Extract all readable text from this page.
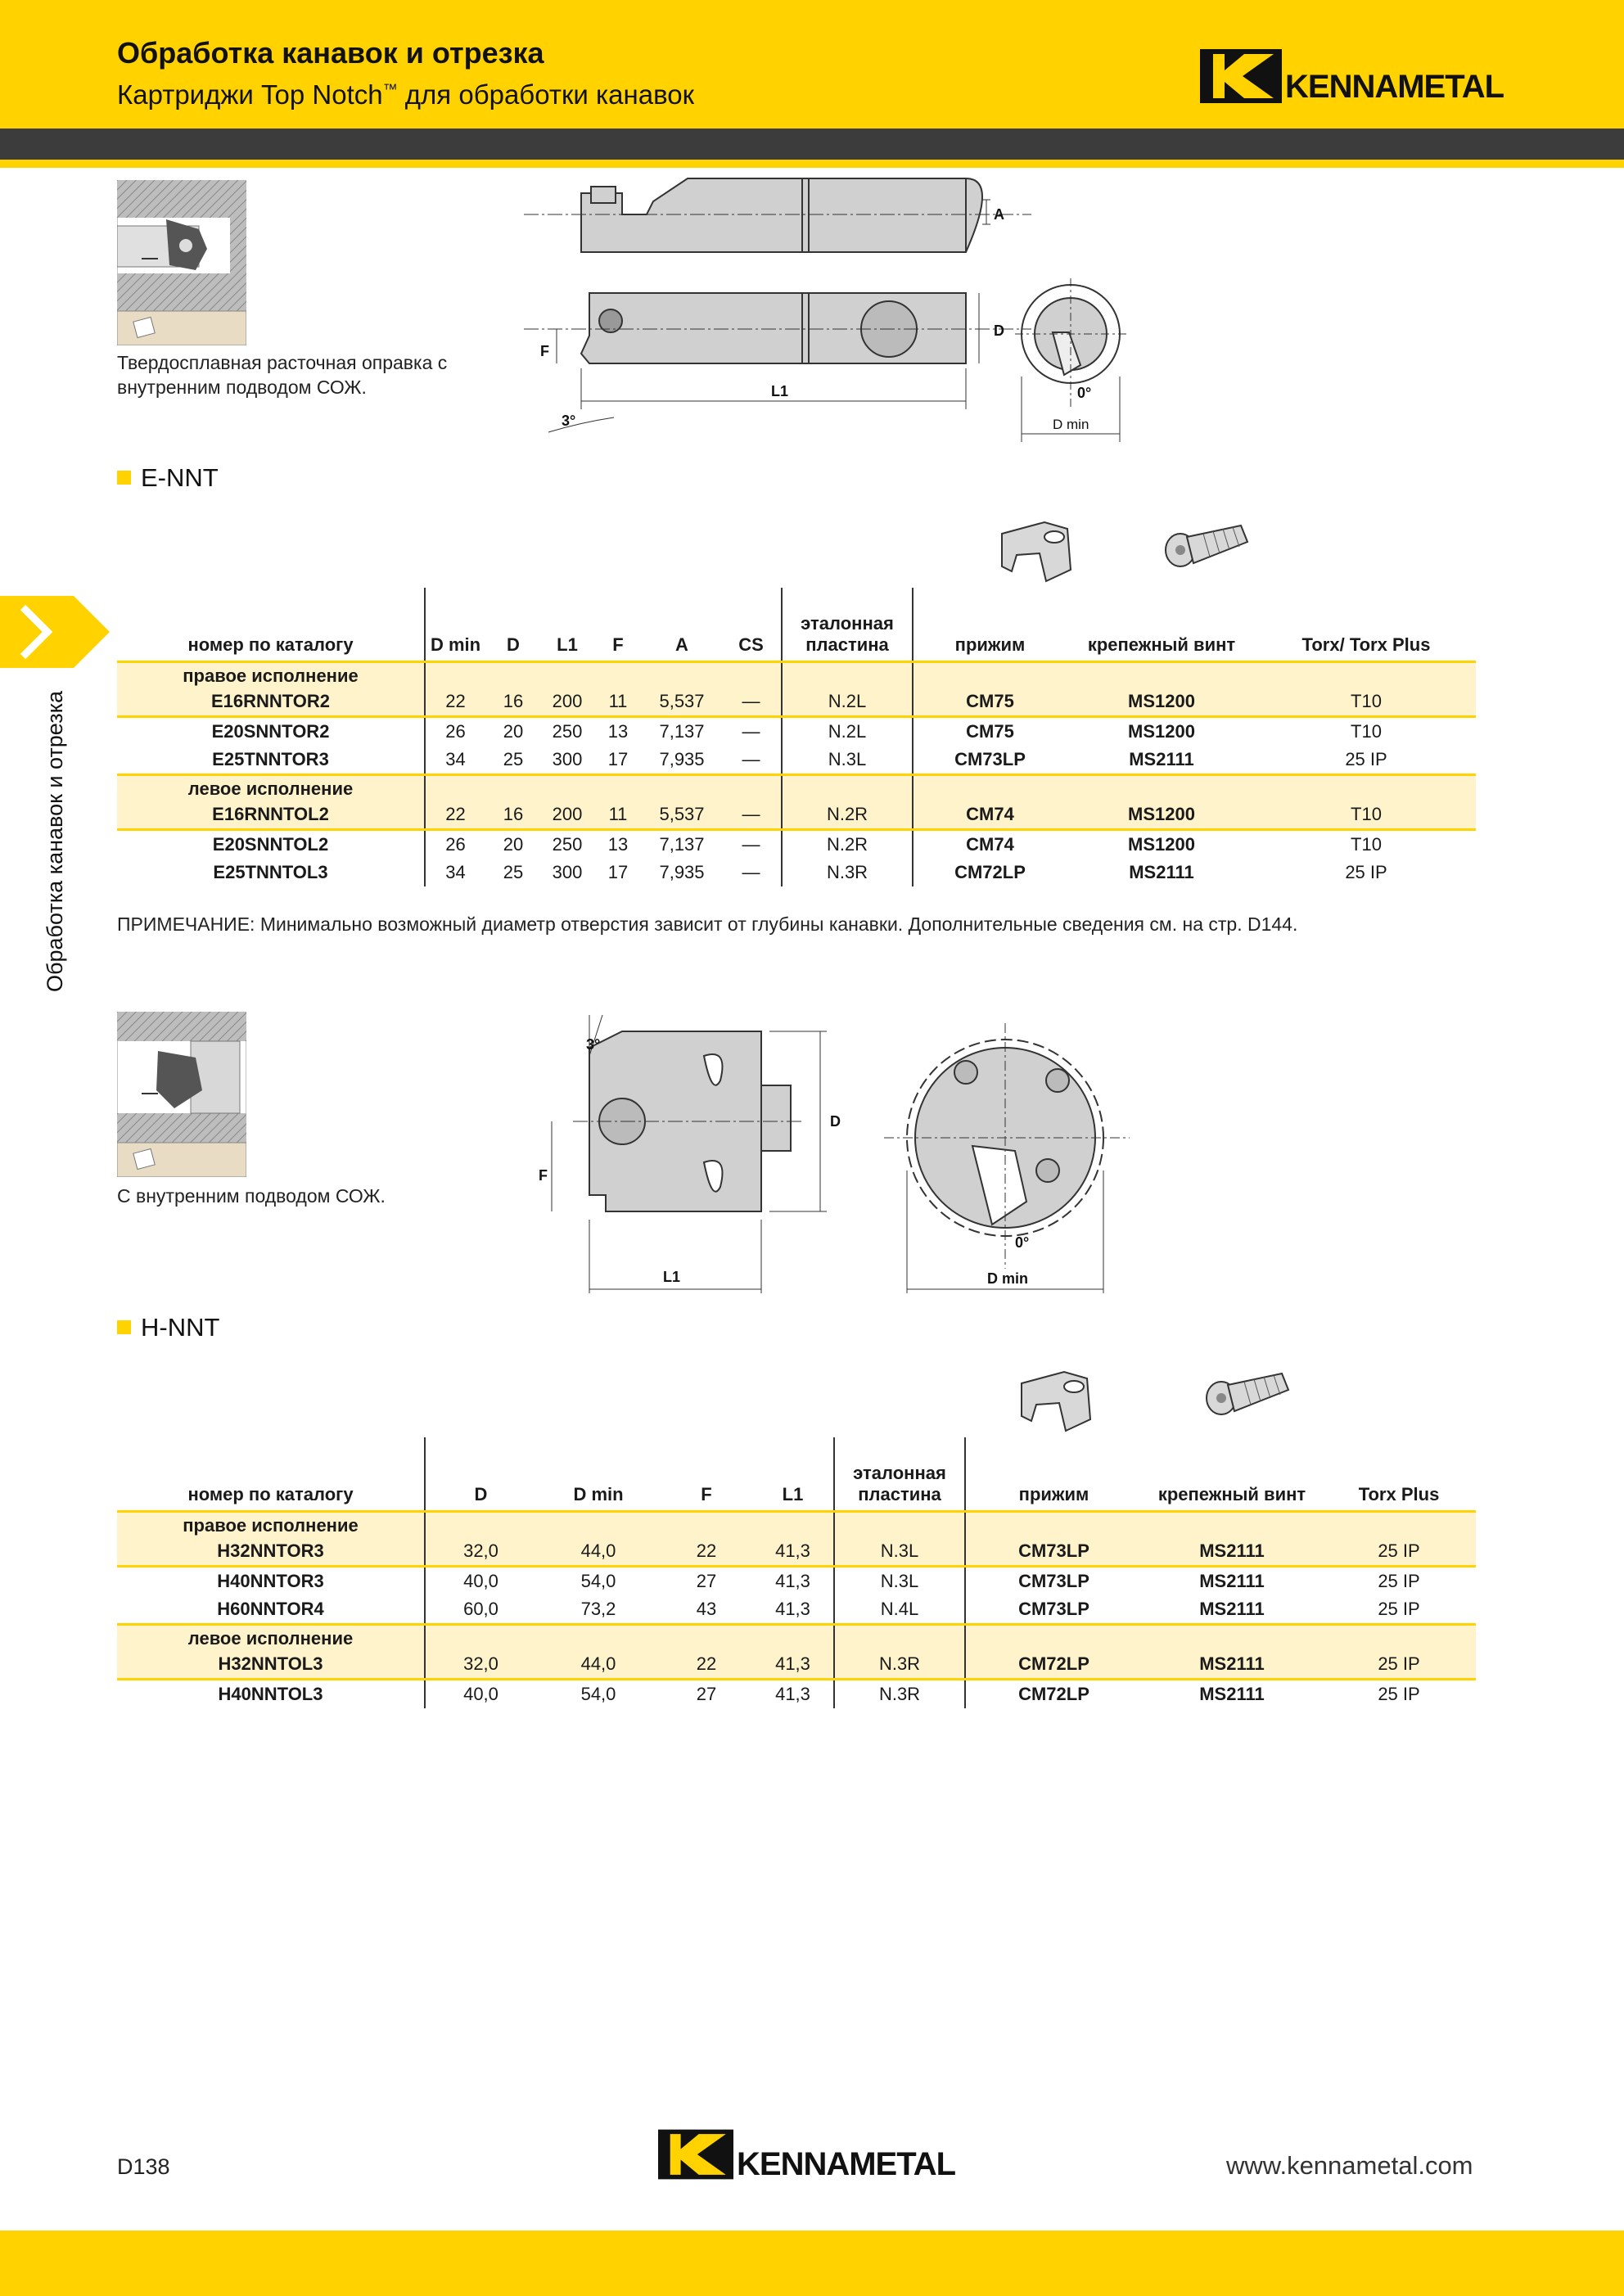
Обработка канавок и отрезка
Картриджи Top Notch™ для обработки канавок	KENNAMETAL
Обработка канавок и отрезка
Твердосплавная расточная оправка с внутренним подводом СОЖ.
A
D
F
L1
3°
0°
D min
E-NNT
номер по каталогу	D min	D	L1	F	A	CS	эталонная пластина	прижим	крепежный винт	Torx/ Torx Plus
правое исполнение										
E16RNNTOR2	22	16	200	11	5,537	—	N.2L	CM75	MS1200	T10
E20SNNTOR2	26	20	250	13	7,137	—	N.2L	CM75	MS1200	T10
E25TNNTOR3	34	25	300	17	7,935	—	N.3L	CM73LP	MS2111	25 IP
левое исполнение										
E16RNNTOL2	22	16	200	11	5,537	—	N.2R	CM74	MS1200	T10
E20SNNTOL2	26	20	250	13	7,137	—	N.2R	CM74	MS1200	T10
E25TNNTOL3	34	25	300	17	7,935	—	N.3R	CM72LP	MS2111	25 IP
ПРИМЕЧАНИЕ: Минимально возможный диаметр отверстия зависит от глубины канавки. Дополнительные сведения см. на стр. D144.
С внутренним подводом СОЖ.
D
F
L1
3°
0°
D min
H-NNT
номер по каталогу	D	D min	F	L1	эталонная пластина	прижим	крепежный винт	Torx Plus
правое исполнение								
H32NNTOR3	32,0	44,0	22	41,3	N.3L	CM73LP	MS2111	25 IP
H40NNTOR3	40,0	54,0	27	41,3	N.3L	CM73LP	MS2111	25 IP
H60NNTOR4	60,0	73,2	43	41,3	N.4L	CM73LP	MS2111	25 IP
левое исполнение								
H32NNTOL3	32,0	44,0	22	41,3	N.3R	CM72LP	MS2111	25 IP
H40NNTOL3	40,0	54,0	27	41,3	N.3R	CM72LP	MS2111	25 IP
D138	KENNAMETAL	www.kennametal.com
